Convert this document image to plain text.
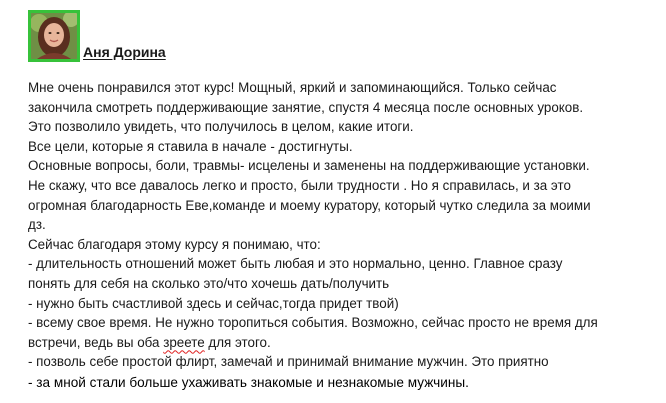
Аня Дорина
Мне очень понравился этот курс! Мощный, яркий и запоминающийся. Только сейчас
закончила смотреть поддерживающие занятие, спустя 4 месяца после основных уроков.
Это позволило увидеть, что получилось в целом, какие итоги.
Все цели, которые я ставила в начале - достигнуты.
Основные вопросы, боли, травмы- исцелены и заменены на поддерживающие установки.
Не скажу, что все давалось легко и просто, были трудности . Но я справилась, и за это
огромная благодарность Еве,команде и моему куратору, который чутко следила за моими
дз.
Сейчас благодаря этому курсу я понимаю, что:
- длительность отношений может быть любая и это нормально, ценно. Главное сразу
понять для себя на сколько это/что хочешь дать/получить
- нужно быть счастливой здесь и сейчас,тогда придет твой)
- всему свое время. Не нужно торопиться события. Возможно, сейчас просто не время для
встречи, ведь вы оба зреете для этого.
- позволь себе простой флирт, замечай и принимай внимание мужчин. Это приятно
- за мной стали больше ухаживать знакомые и незнакомые мужчины.
